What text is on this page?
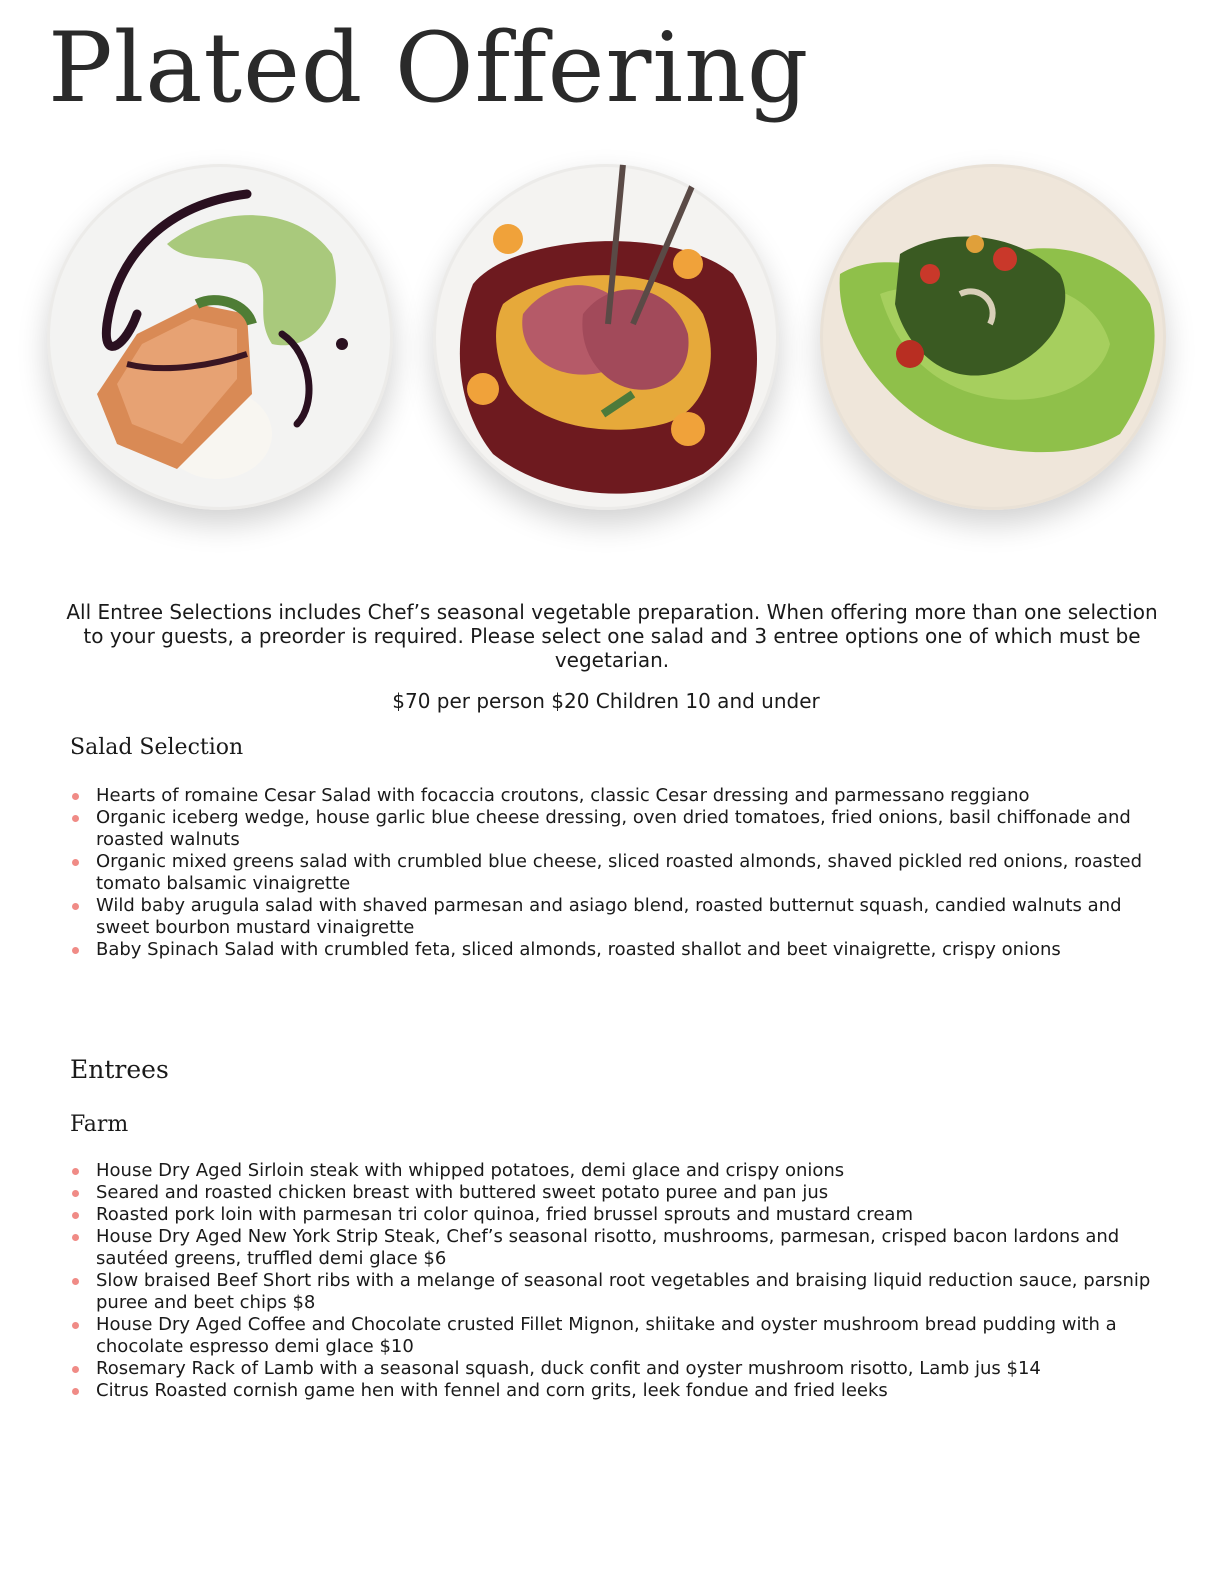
Plated Offering

All Entree Selections includes Chef’s seasonal vegetable preparation. When offering more than one selection to your guests, a preorder is required. Please select one salad and 3 entree options one of which must be vegetarian.

$70 per person $20 Children 10 and under

Salad Selection
Hearts of romaine Cesar Salad with focaccia croutons, classic Cesar dressing and parmessano reggiano
Organic iceberg wedge, house garlic blue cheese dressing, oven dried tomatoes, fried onions, basil chiffonade and roasted walnuts
Organic mixed greens salad with crumbled blue cheese, sliced roasted almonds, shaved pickled red onions, roasted tomato balsamic vinaigrette
Wild baby arugula salad with shaved parmesan and asiago blend, roasted butternut squash, candied walnuts and sweet bourbon mustard vinaigrette
Baby Spinach Salad with crumbled feta, sliced almonds, roasted shallot and beet vinaigrette, crispy onions
Entrees
Farm
House Dry Aged Sirloin steak with whipped potatoes, demi glace and crispy onions
Seared and roasted chicken breast with buttered sweet potato puree and pan jus
Roasted pork loin with parmesan tri color quinoa, fried brussel sprouts and mustard cream
House Dry Aged New York Strip Steak, Chef’s seasonal risotto, mushrooms, parmesan, crisped bacon lardons and sautéed greens, truffled demi glace $6
Slow braised Beef Short ribs with a melange of seasonal root vegetables and braising liquid reduction sauce, parsnip puree and beet chips $8
House Dry Aged Coffee and Chocolate crusted Fillet Mignon, shiitake and oyster mushroom bread pudding with a chocolate espresso demi glace $10
Rosemary Rack of Lamb with a seasonal squash, duck confit and oyster mushroom risotto, Lamb jus $14
Citrus Roasted cornish game hen with fennel and corn grits, leek fondue and fried leeks
